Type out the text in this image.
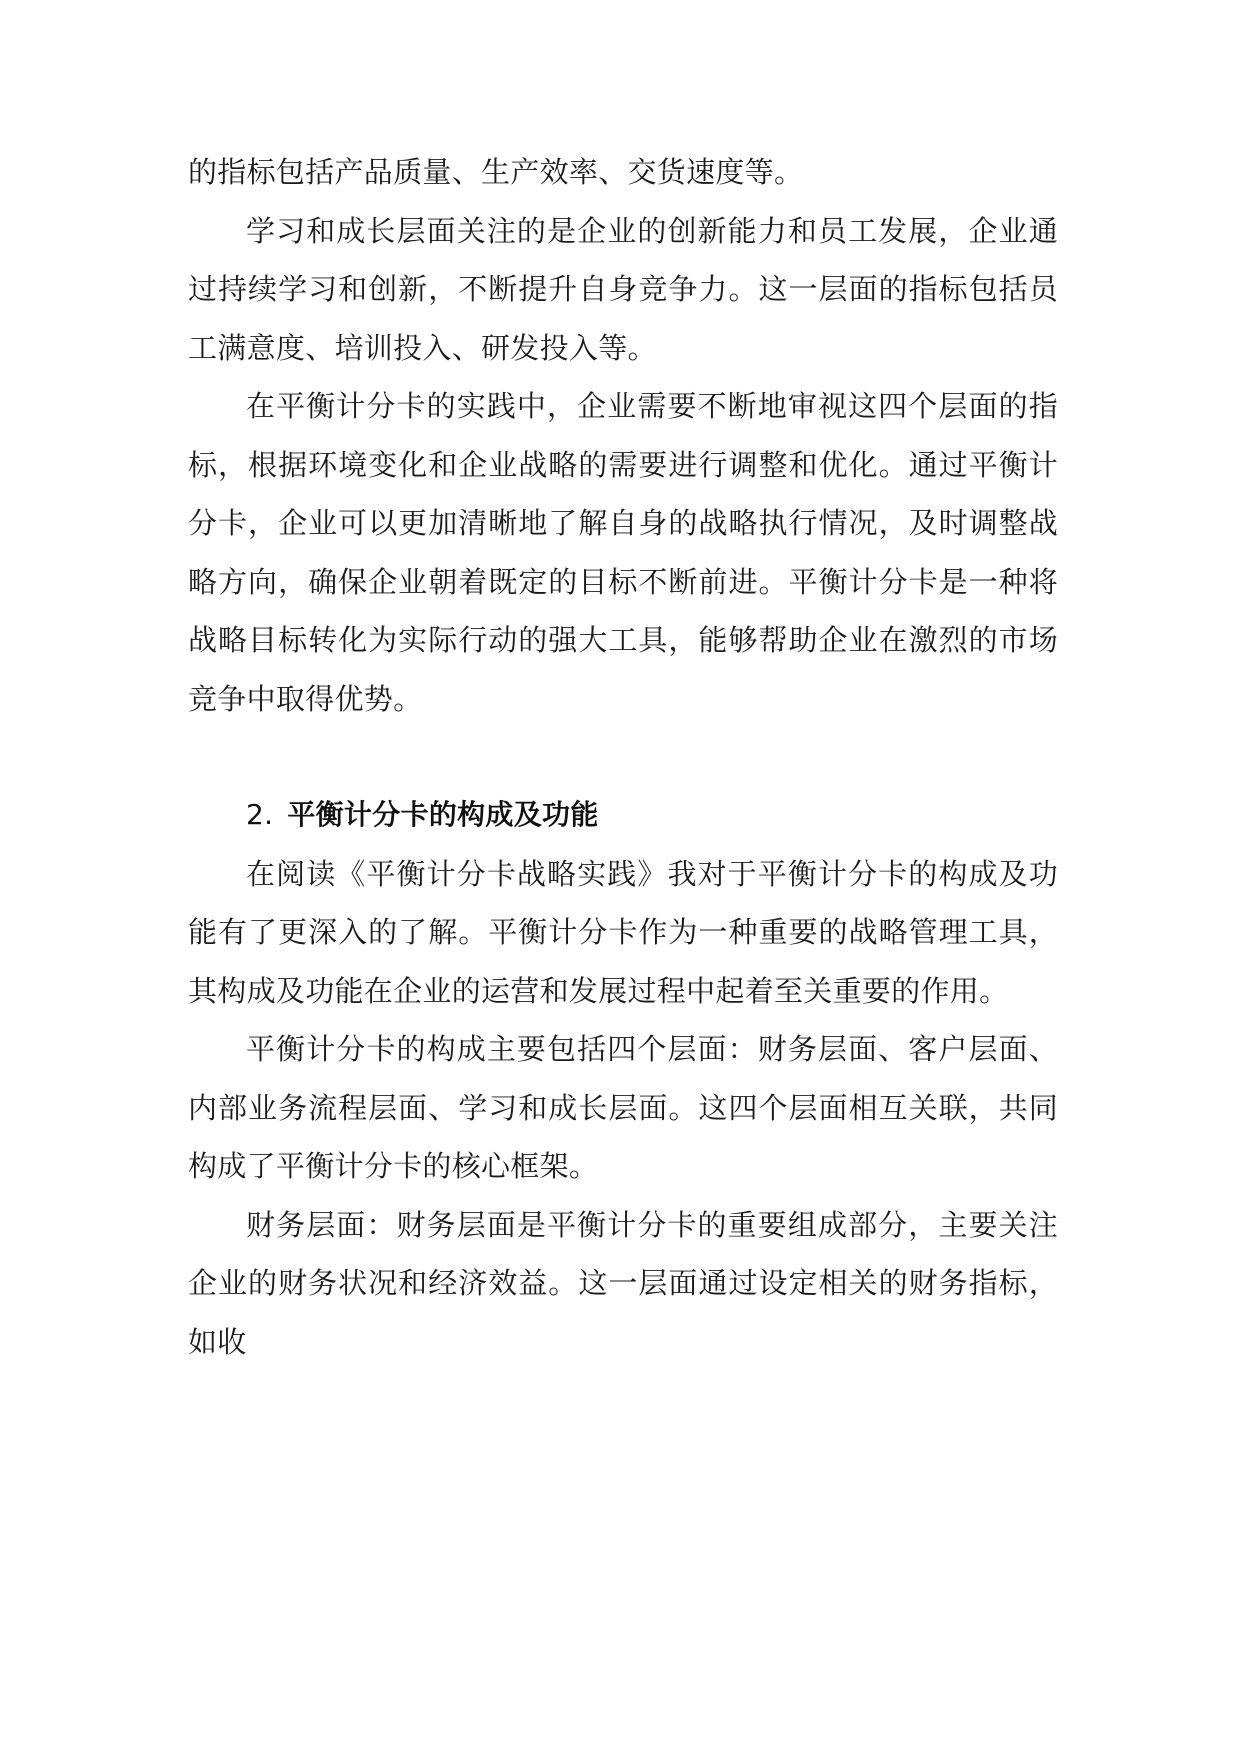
的指标包括产品质量、生产效率、交货速度等。

学习和成长层面关注的是企业的创新能力和员工发展，企业通过持续学习和创新，不断提升自身竞争力。这一层面的指标包括员工满意度、培训投入、研发投入等。

在平衡计分卡的实践中，企业需要不断地审视这四个层面的指标，根据环境变化和企业战略的需要进行调整和优化。通过平衡计分卡，企业可以更加清晰地了解自身的战略执行情况，及时调整战略方向，确保企业朝着既定的目标不断前进。平衡计分卡是一种将战略目标转化为实际行动的强大工具，能够帮助企业在激烈的市场竞争中取得优势。

2. 平衡计分卡的构成及功能

在阅读《平衡计分卡战略实践》我对于平衡计分卡的构成及功能有了更深入的了解。平衡计分卡作为一种重要的战略管理工具，其构成及功能在企业的运营和发展过程中起着至关重要的作用。

平衡计分卡的构成主要包括四个层面：财务层面、客户层面、内部业务流程层面、学习和成长层面。这四个层面相互关联，共同构成了平衡计分卡的核心框架。

财务层面：财务层面是平衡计分卡的重要组成部分，主要关注企业的财务状况和经济效益。这一层面通过设定相关的财务指标，如收
